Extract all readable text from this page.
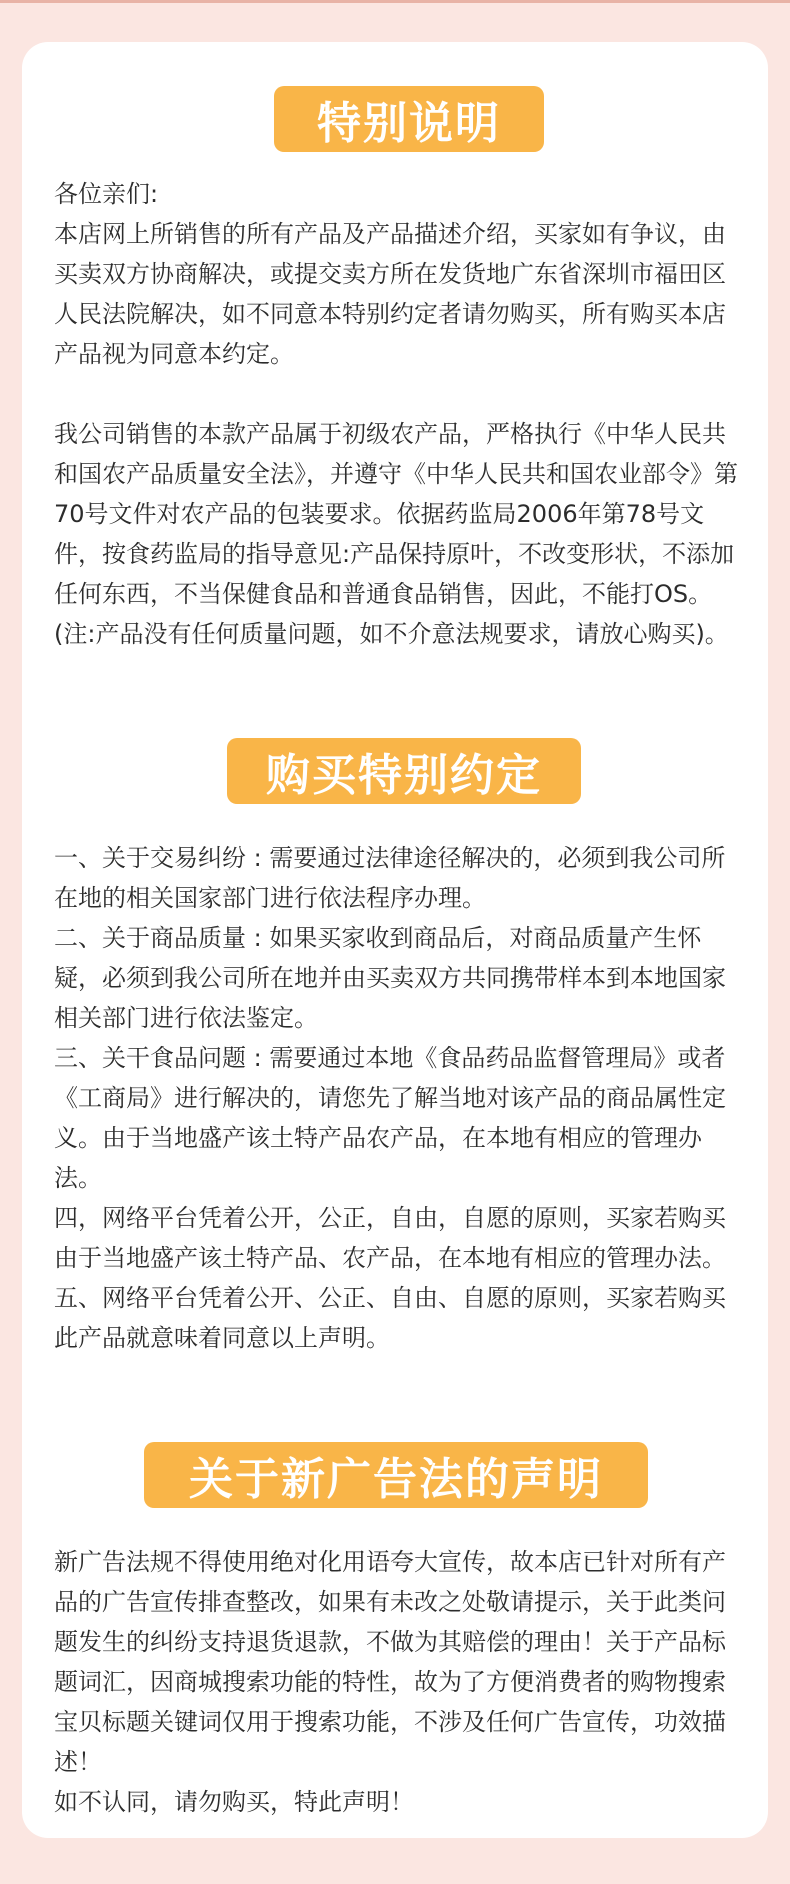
特别说明
各位亲们:
本店网上所销售的所有产品及产品描述介绍，买家如有争议，由买卖双方协商解决，或提交卖方所在发货地广东省深圳市福田区人民法院解决，如不同意本特别约定者请勿购买，所有购买本店产品视为同意本约定。
我公司销售的本款产品属于初级农产品，严格执行《中华人民共和国农产品质量安全法》，并遵守《中华人民共和国农业部令》第70号文件对农产品的包装要求。依据药监局2006年第78号文件，按食药监局的指导意见:产品保持原叶，不改变形状，不添加任何东西，不当保健食品和普通食品销售，因此，不能打OS。(注:产品没有任何质量问题，如不介意法规要求，请放心购买)。
购买特别约定
一、关于交易纠纷 : 需要通过法律途径解决的，必须到我公司所在地的相关国家部门进行依法程序办理。
二、关于商品质量 : 如果买家收到商品后，对商品质量产生怀疑，必须到我公司所在地并由买卖双方共同携带样本到本地国家相关部门进行依法鉴定。
三、关干食品问题 : 需要通过本地《食品药品监督管理局》或者《工商局》进行解决的，请您先了解当地对该产品的商品属性定义。由于当地盛产该土特产品农产品，在本地有相应的管理办法。
四，网络平台凭着公开，公正，自由，自愿的原则，买家若购买由于当地盛产该土特产品、农产品，在本地有相应的管理办法。
五、网络平台凭着公开、公正、自由、自愿的原则，买家若购买此产品就意味着同意以上声明。
关于新广告法的声明
新广告法规不得使用绝对化用语夸大宣传，故本店已针对所有产品的广告宣传排查整改，如果有未改之处敬请提示，关于此类问题发生的纠纷支持退货退款，不做为其赔偿的理由！关于产品标题词汇，因商城搜索功能的特性，故为了方便消费者的购物搜索宝贝标题关键词仅用于搜索功能，不涉及任何广告宣传，功效描述！
如不认同，请勿购买，特此声明！
